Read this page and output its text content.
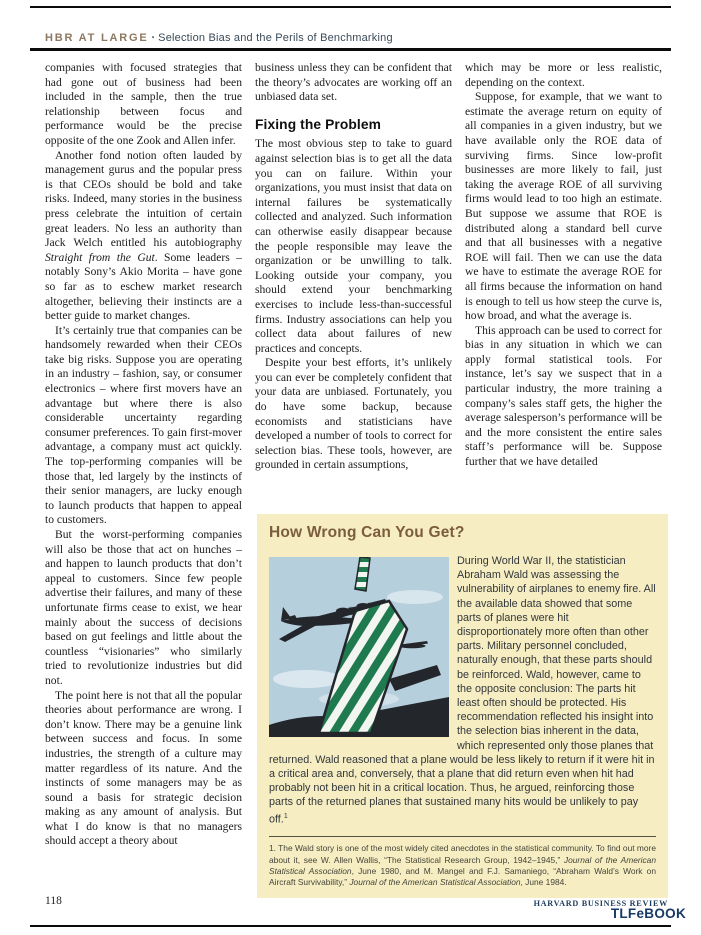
HBR AT LARGE · Selection Bias and the Perils of Benchmarking

companies with focused strategies that had gone out of business had been included in the sample, then the true relationship between focus and performance would be the precise opposite of the one Zook and Allen infer.

Another fond notion often lauded by management gurus and the popular press is that CEOs should be bold and take risks. Indeed, many stories in the business press celebrate the intuition of certain great leaders. No less an authority than Jack Welch entitled his autobiography Straight from the Gut. Some leaders – notably Sony’s Akio Morita – have gone so far as to eschew market research altogether, believing their instincts are a better guide to market changes.

It’s certainly true that companies can be handsomely rewarded when their CEOs take big risks. Suppose you are operating in an industry – fashion, say, or consumer electronics – where first movers have an advantage but where there is also considerable uncertainty regarding consumer preferences. To gain first-mover advantage, a company must act quickly. The top-performing companies will be those that, led largely by the instincts of their senior managers, are lucky enough to launch products that happen to appeal to customers.

But the worst-performing companies will also be those that act on hunches – and happen to launch products that don’t appeal to customers. Since few people advertise their failures, and many of these unfortunate firms cease to exist, we hear mainly about the success of decisions based on gut feelings and little about the countless “visionaries” who similarly tried to revolutionize industries but did not.

The point here is not that all the popular theories about performance are wrong. I don’t know. There may be a genuine link between success and focus. In some industries, the strength of a culture may matter regardless of its nature. And the instincts of some managers may be as sound a basis for strategic decision making as any amount of analysis. But what I do know is that no managers should accept a theory about

business unless they can be confident that the theory’s advocates are working off an unbiased data set.

Fixing the Problem

The most obvious step to take to guard against selection bias is to get all the data you can on failure. Within your organizations, you must insist that data on internal failures be systematically collected and analyzed. Such information can otherwise easily disappear because the people responsible may leave the organization or be unwilling to talk. Looking outside your company, you should extend your benchmarking exercises to include less-than-successful firms. Industry associations can help you collect data about failures of new practices and concepts.

Despite your best efforts, it’s unlikely you can ever be completely confident that your data are unbiased. Fortunately, you do have some backup, because economists and statisticians have developed a number of tools to correct for selection bias. These tools, however, are grounded in certain assumptions,

which may be more or less realistic, depending on the context.

Suppose, for example, that we want to estimate the average return on equity of all companies in a given industry, but we have available only the ROE data of surviving firms. Since low-profit businesses are more likely to fail, just taking the average ROE of all surviving firms would lead to too high an estimate. But suppose we assume that ROE is distributed along a standard bell curve and that all businesses with a negative ROE will fail. Then we can use the data we have to estimate the average ROE for all firms because the information on hand is enough to tell us how steep the curve is, how broad, and what the average is.

This approach can be used to correct for bias in any situation in which we can apply formal statistical tools. For instance, let’s say we suspect that in a particular industry, the more training a company’s sales staff gets, the higher the average salesperson’s performance will be and the more consistent the entire sales staff’s performance will be. Suppose further that we have detailed

How Wrong Can You Get?

During World War II, the statistician Abraham Wald was assessing the vulnerability of airplanes to enemy fire. All the available data showed that some parts of planes were hit disproportionately more often than other parts. Military personnel concluded, naturally enough, that these parts should be reinforced. Wald, however, came to the opposite conclusion: The parts hit least often should be protected. His recommendation reflected his insight into the selection bias inherent in the data, which represented only those planes that returned. Wald reasoned that a plane would be less likely to return if it were hit in a critical area and, conversely, that a plane that did return even when hit had probably not been hit in a critical location. Thus, he argued, reinforcing those parts of the returned planes that sustained many hits would be unlikely to pay off.$^1$

1. The Wald story is one of the most widely cited anecdotes in the statistical community. To find out more about it, see W. Allen Wallis, “The Statistical Research Group, 1942–1945,” Journal of the American Statistical Association, June 1980, and M. Mangel and F.J. Samaniego, “Abraham Wald’s Work on Aircraft Survivability,” Journal of the American Statistical Association, June 1984.

118	HARVARD BUSINESS REVIEW
TLFeBOOK
